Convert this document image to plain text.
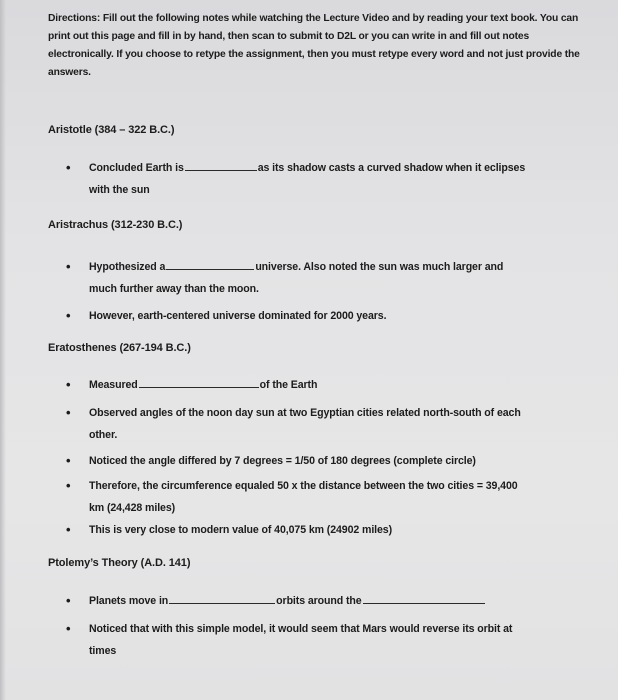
Directions: Fill out the following notes while watching the Lecture Video and by reading your text book. You can print out this page and fill in by hand, then scan to submit to D2L or you can write in and fill out notes electronically. If you choose to retype the assignment, then you must retype every word and not just provide the answers.
Aristotle (384 – 322 B.C.)
• Concluded Earth is	as its shadow casts a curved shadow when it eclipses
with the sun
Aristrachus (312-230 B.C.)
• Hypothesized a	universe. Also noted the sun was much larger and
much further away than the moon.
• However, earth-centered universe dominated for 2000 years.
Eratosthenes (267-194 B.C.)
• Measured	of the Earth
• Observed angles of the noon day sun at two Egyptian cities related north-south of each
other.
• Noticed the angle differed by 7 degrees = 1/50 of 180 degrees (complete circle)
• Therefore, the circumference equaled 50 x the distance between the two cities = 39,400
km (24,428 miles)
• This is very close to modern value of 40,075 km (24902 miles)
Ptolemy’s Theory (A.D. 141)
• Planets move in	orbits around the
• Noticed that with this simple model, it would seem that Mars would reverse its orbit at
times
